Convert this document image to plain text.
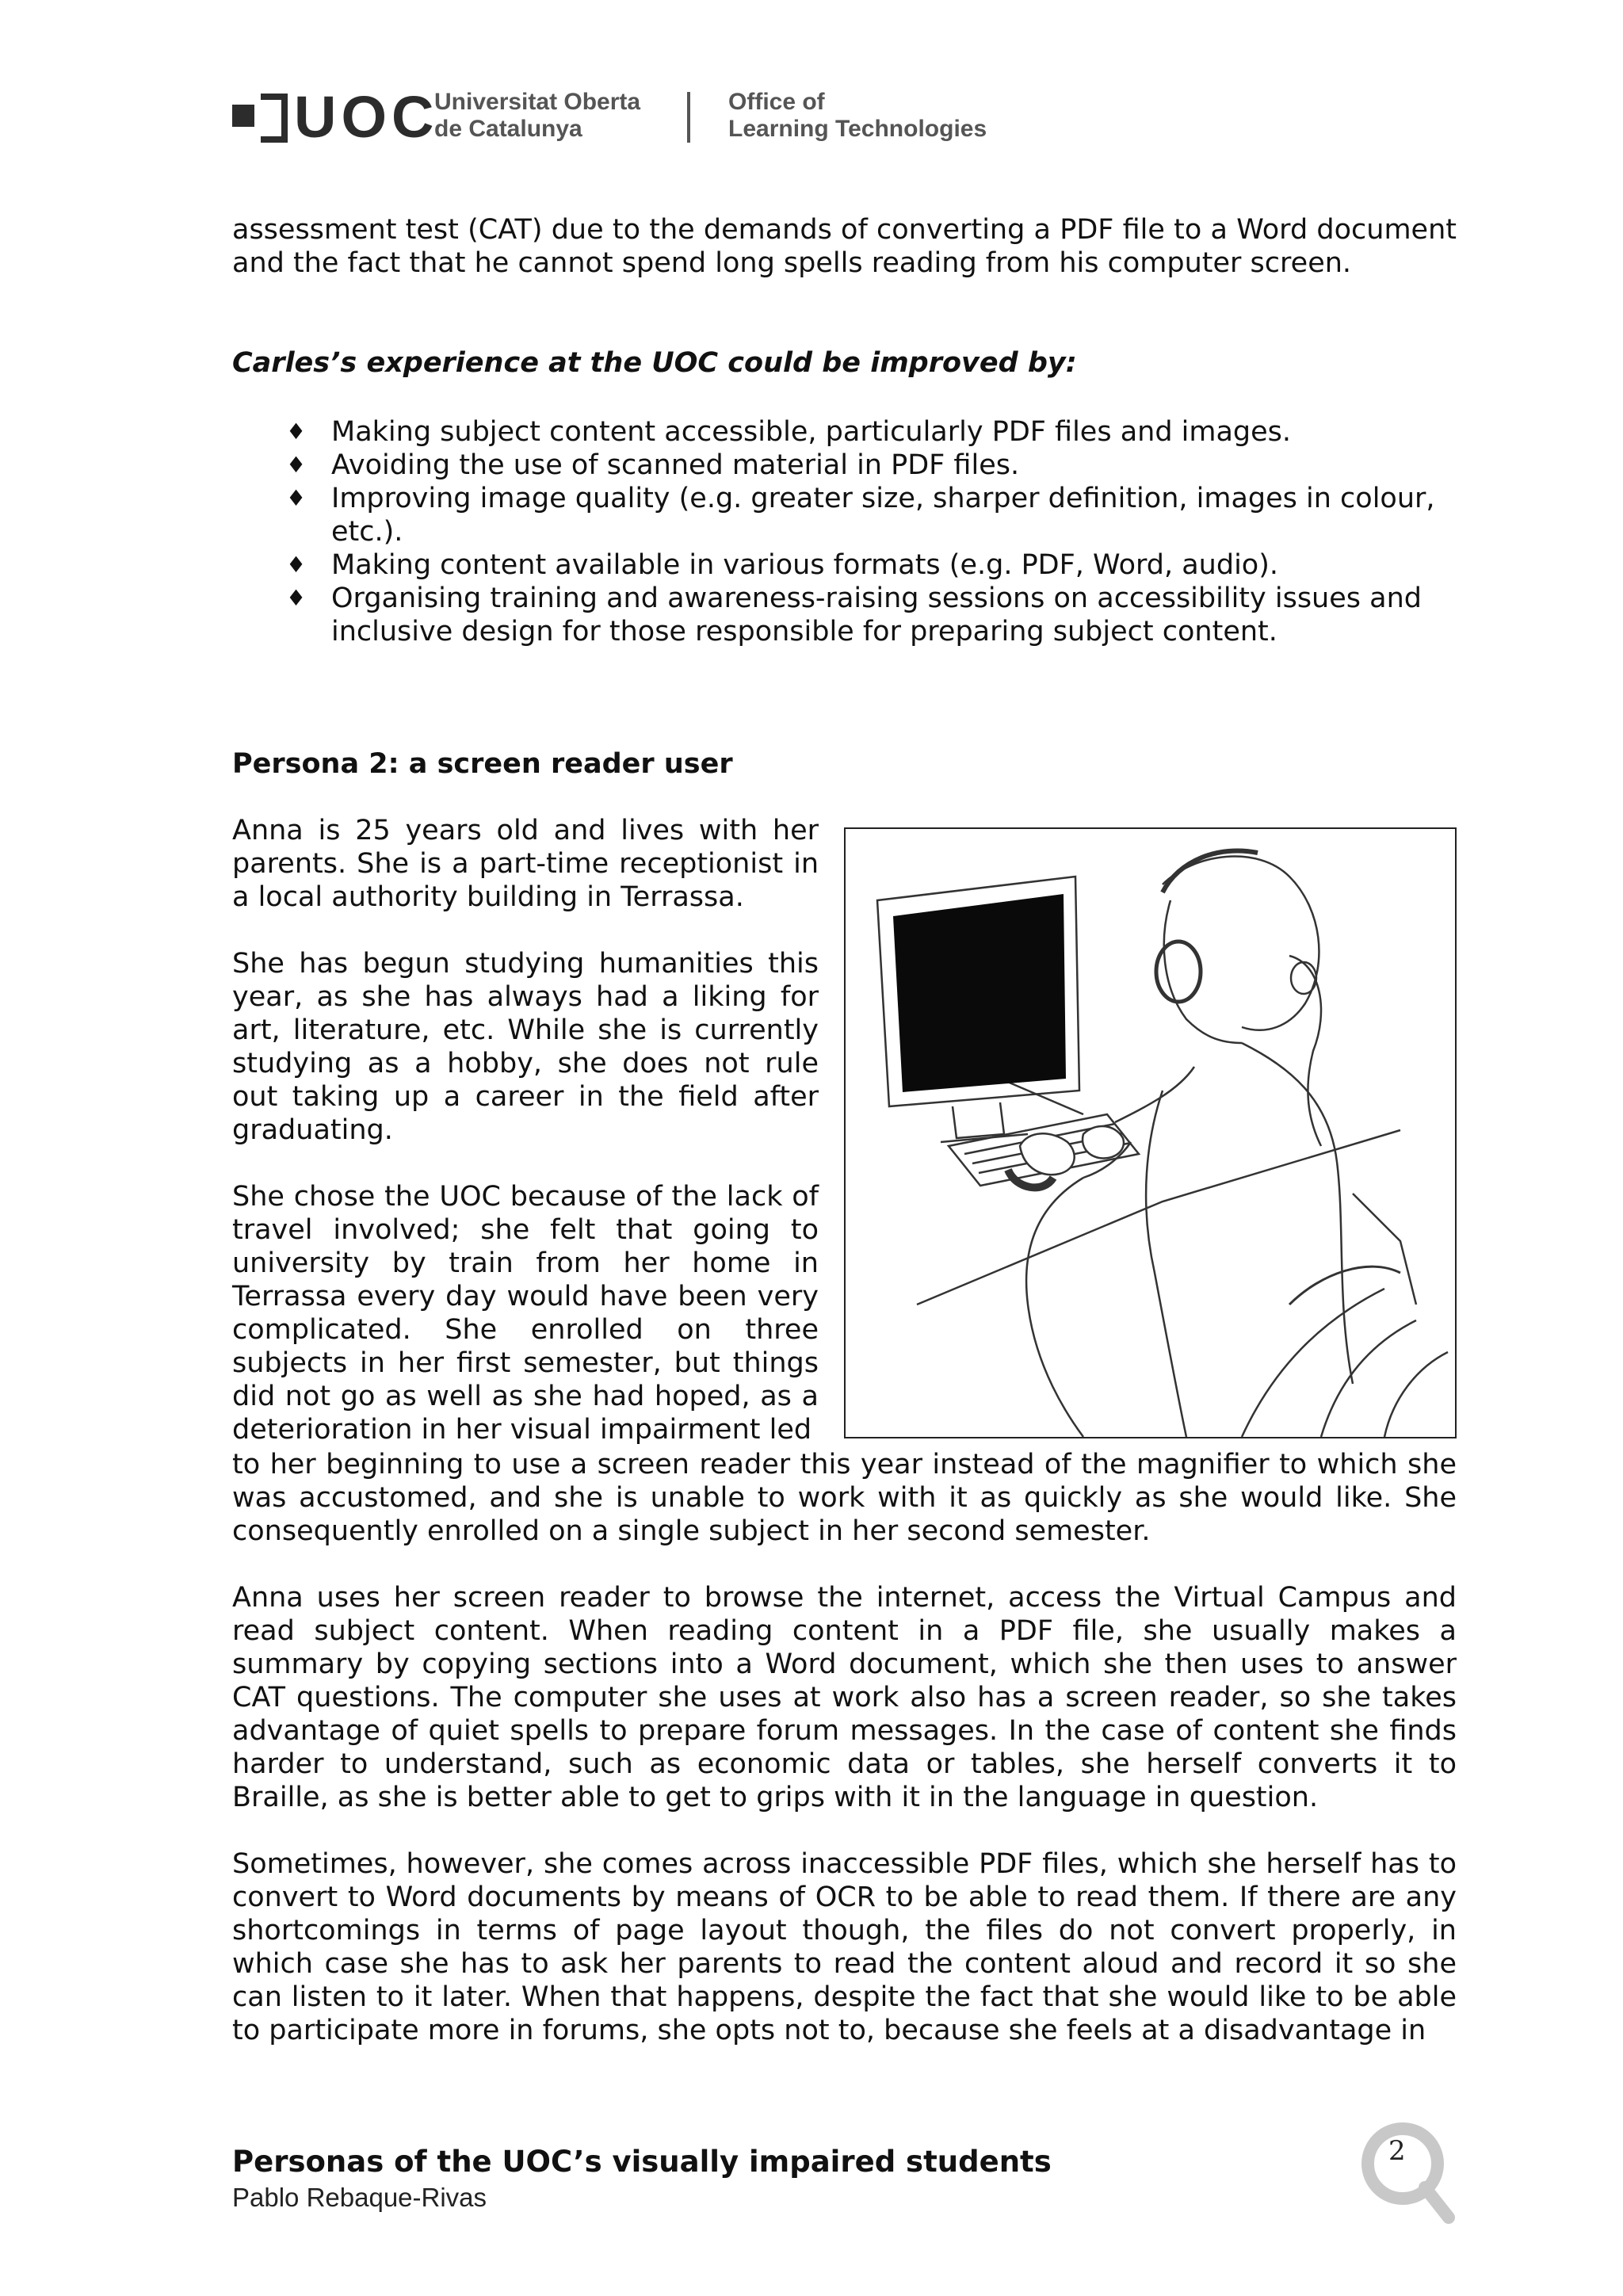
UOC
Universitat Oberta
de Catalunya
Office of
Learning Technologies

assessment test (CAT) due to the demands of converting a PDF file to a Word document and the fact that he cannot spend long spells reading from his computer screen.

Carles’s experience at the UOC could be improved by:

♦ Making subject content accessible, particularly PDF files and images.
♦ Avoiding the use of scanned material in PDF files.
♦ Improving image quality (e.g. greater size, sharper definition, images in colour, etc.).
♦ Making content available in various formats (e.g. PDF, Word, audio).
♦ Organising training and awareness-raising sessions on accessibility issues and inclusive design for those responsible for preparing subject content.

Persona 2: a screen reader user

Anna is 25 years old and lives with her parents. She is a part-time receptionist in a local authority building in Terrassa.

She has begun studying humanities this year, as she has always had a liking for art, literature, etc. While she is currently studying as a hobby, she does not rule out taking up a career in the field after graduating.

She chose the UOC because of the lack of travel involved; she felt that going to university by train from her home in Terrassa every day would have been very complicated. She enrolled on three subjects in her first semester, but things did not go as well as she had hoped, as a deterioration in her visual impairment led

to her beginning to use a screen reader this year instead of the magnifier to which she was accustomed, and she is unable to work with it as quickly as she would like. She consequently enrolled on a single subject in her second semester.

Anna uses her screen reader to browse the internet, access the Virtual Campus and read subject content. When reading content in a PDF file, she usually makes a summary by copying sections into a Word document, which she then uses to answer CAT questions. The computer she uses at work also has a screen reader, so she takes advantage of quiet spells to prepare forum messages. In the case of content she finds harder to understand, such as economic data or tables, she herself converts it to Braille, as she is better able to get to grips with it in the language in question.

Sometimes, however, she comes across inaccessible PDF files, which she herself has to convert to Word documents by means of OCR to be able to read them. If there are any shortcomings in terms of page layout though, the files do not convert properly, in which case she has to ask her parents to read the content aloud and record it so she can listen to it later. When that happens, despite the fact that she would like to be able to participate more in forums, she opts not to, because she feels at a disadvantage in

Personas of the UOC’s visually impaired students
Pablo Rebaque-Rivas
2
